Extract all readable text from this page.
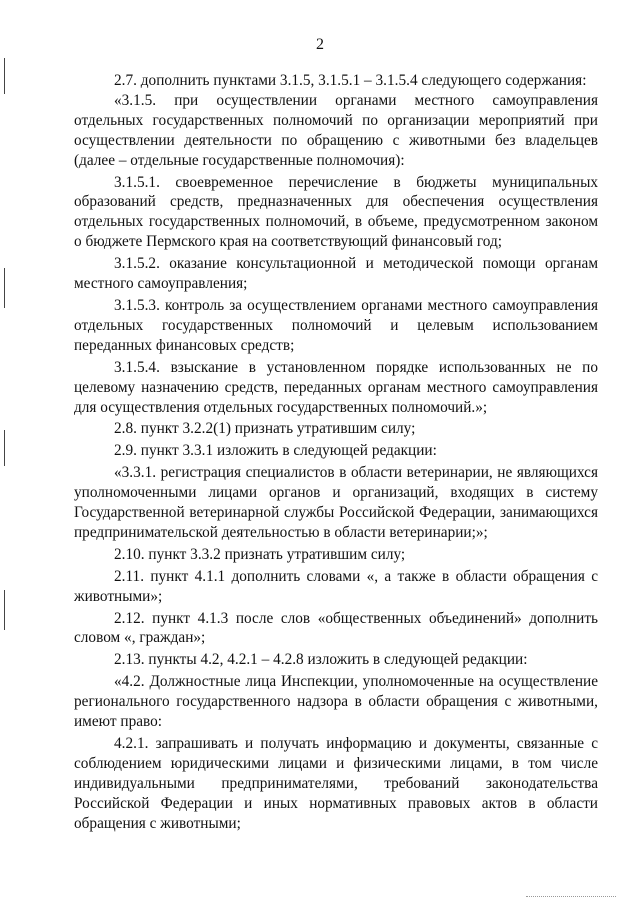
2

2.7. дополнить пунктами 3.1.5, 3.1.5.1 – 3.1.5.4 следующего содержания:

«3.1.5. при осуществлении органами местного самоуправления отдельных государственных полномочий по организации мероприятий при осуществлении деятельности по обращению с животными без владельцев (далее – отдельные государственные полномочия):

3.1.5.1. своевременное перечисление в бюджеты муниципальных образований средств, предназначенных для обеспечения осуществления отдельных государственных полномочий, в объеме, предусмотренном законом о бюджете Пермского края на соответствующий финансовый год;

3.1.5.2. оказание консультационной и методической помощи органам местного самоуправления;

3.1.5.3. контроль за осуществлением органами местного самоуправления отдельных государственных полномочий и целевым использованием переданных финансовых средств;

3.1.5.4. взыскание в установленном порядке использованных не по целевому назначению средств, переданных органам местного самоуправления для осуществления отдельных государственных полномочий.»;

2.8. пункт 3.2.2(1) признать утратившим силу;

2.9. пункт 3.3.1 изложить в следующей редакции:

«3.3.1. регистрация специалистов в области ветеринарии, не являющихся уполномоченными лицами органов и организаций, входящих в систему Государственной ветеринарной службы Российской Федерации, занимающихся предпринимательской деятельностью в области ветеринарии;»;

2.10. пункт 3.3.2 признать утратившим силу;

2.11. пункт 4.1.1 дополнить словами «, а также в области обращения с животными»;

2.12. пункт 4.1.3 после слов «общественных объединений» дополнить словом «, граждан»;

2.13. пункты 4.2, 4.2.1 – 4.2.8 изложить в следующей редакции:

«4.2. Должностные лица Инспекции, уполномоченные на осуществление регионального государственного надзора в области обращения с животными, имеют право:

4.2.1. запрашивать и получать информацию и документы, связанные с соблюдением юридическими лицами и физическими лицами, в том числе индивидуальными предпринимателями, требований законодательства Российской Федерации и иных нормативных правовых актов в области обращения с животными;
